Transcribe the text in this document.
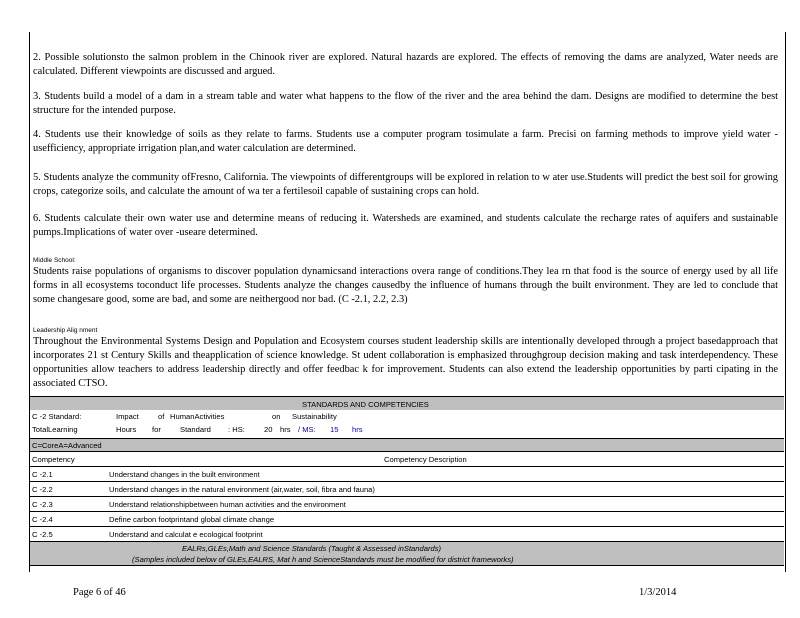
2. Possible solutionsto the salmon problem in the Chinook river are explored. Natural hazards are explored. The effects of removing the dams are analyzed, Water needs are calculated. Different viewpoints are discussed and argued.

3. Students build a model of a dam in a stream table and water what happens to the flow of the river and the area behind the dam. Designs are modified to determine the best structure for the intended purpose.

4. Students use their knowledge of soils as they relate to farms. Students use a computer program tosimulate a farm. Precisi on farming methods to improve yield water -usefficiency, appropriate irrigation plan,and water calculation are determined.

5. Students analyze the community ofFresno, California. The viewpoints of differentgroups will be explored in relation to w ater use.Students will predict the best soil for growing crops, categorize soils, and calculate the amount of wa ter a fertilesoil capable of sustaining crops can hold.

6. Students calculate their own water use and determine means of reducing it. Watersheds are examined, and students calculate the recharge rates of aquifers and sustainable pumps.Implications of water over -useare determined.

Middle School:

Students raise populations of organisms to discover population dynamicsand interactions overa range of conditions.They lea rn that food is the source of energy used by all life forms in all ecosystems toconduct life processes. Students analyze the changes causedby the influence of humans through the built environment. They are led to conclude that some changesare good, some are bad, and some are neithergood nor bad. (C -2.1, 2.2, 2.3)

Leadership Alig nment

Throughout the Environmental Systems Design and Population and Ecosystem courses student leadership skills are intentionally developed through a project basedapproach that incorporates 21 st Century Skills and theapplication of science knowledge. St udent collaboration is emphasized throughgroup decision making and task interdependency. These opportunities allow teachers to address leadership directly and offer feedbac k for improvement. Students can also extend the leadership opportunities by parti cipating in the associated CTSO.

STANDARDS AND COMPETENCIES
C -2 Standard:	Impact	of HumanActivities	on Sustainability
TotalLearning	Hours for	Standard : HS:	20 hrs / MS: 15 hrs
C=CoreA=Advanced
Competency	Competency Description
C -2.1	Understand changes in the built environment
C -2.2	Understand changes in the natural environment (air,water, soil, fibra and fauna)
C -2.3	Understand relationshipbetween human activities and the environment
C -2.4	Define carbon footprintand global climate change
C -2.5	Understand and calculat e ecological footprint
EALRs,GLEs,Math and Science Standards (Taught & Assessed inStandards)
(Samples included below of GLEs,EALRS, Mat h and ScienceStandards must be modified for district frameworks)
Page 6 of 46	1/3/2014
